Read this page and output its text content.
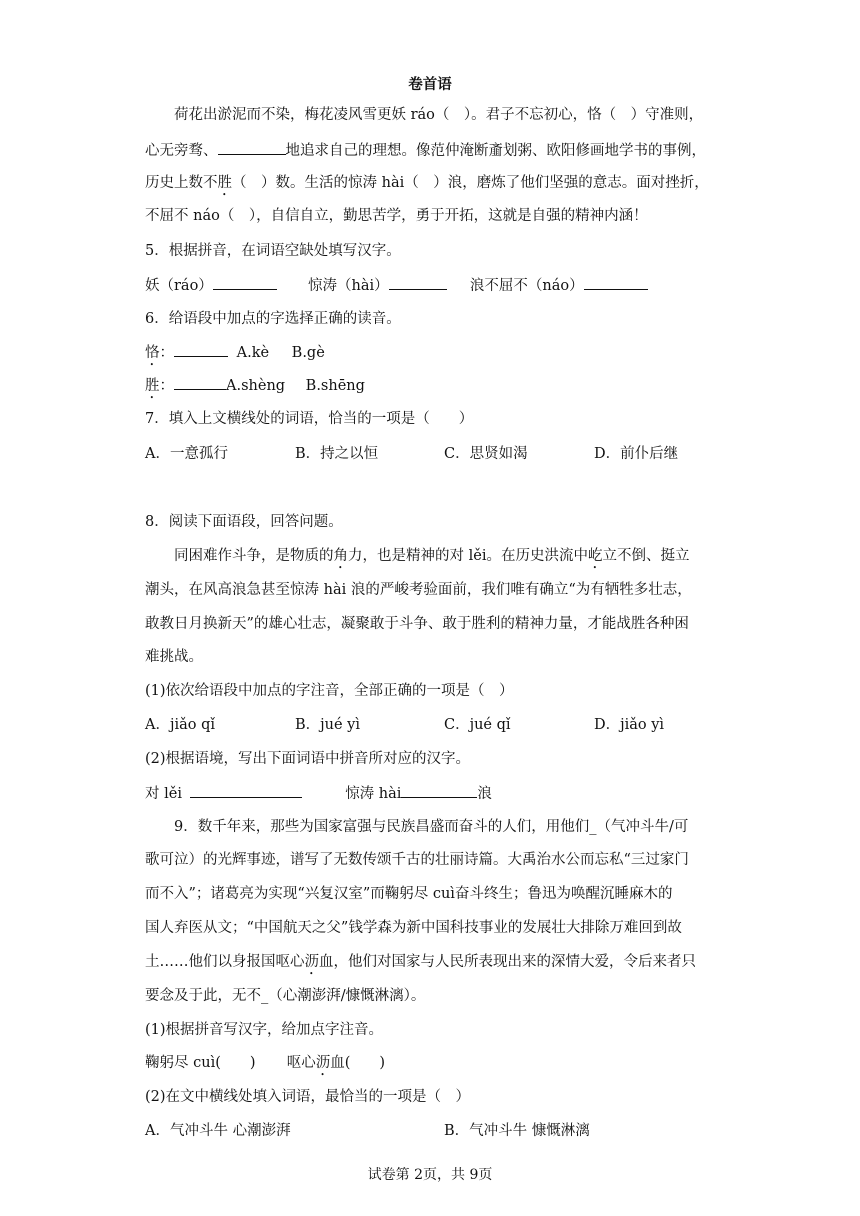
卷首语
荷花出淤泥而不染，梅花凌风雪更妖 ráo（　）。君子不忘初心，恪（　）守准则，
心无旁骛、	地追求自己的理想。像范仲淹断齑划粥、欧阳修画地学书的事例，
历史上数不胜（　）数。生活的惊涛 hài（　）浪，磨炼了他们坚强的意志。面对挫折，
不屈不 náo（　），自信自立，勤思苦学，勇于开拓，这就是自强的精神内涵！
5．根据拼音，在词语空缺处填写汉字。
妖（ráo）	惊涛（hài）	浪不屈不（náo）
6．给语段中加点的字选择正确的读音。
恪：	A.kè B.gè
胜：	A.shèng B.shēng
7．填入上文横线处的词语，恰当的一项是（　　）
A．一意孤行	B．持之以恒	C．思贤如渴	D．前仆后继
8．阅读下面语段，回答问题。
同困难作斗争，是物质的角力，也是精神的对 lěi。在历史洪流中屹立不倒、挺立
潮头，在风高浪急甚至惊涛 hài 浪的严峻考验面前，我们唯有确立“为有牺牲多壮志，
敢教日月换新天”的雄心壮志，凝聚敢于斗争、敢于胜利的精神力量，才能战胜各种困
难挑战。
(1)依次给语段中加点的字注音，全部正确的一项是（　）
A．jiǎo qǐ	B．jué yì	C．jué qǐ	D．jiǎo yì
(2)根据语境，写出下面词语中拼音所对应的汉字。
对 lěi	惊涛 hài	浪
9．数千年来，那些为国家富强与民族昌盛而奋斗的人们，用他们_（气冲斗牛/可
歌可泣）的光辉事迹，谱写了无数传颂千古的壮丽诗篇。大禹治水公而忘私“三过家门
而不入”；诸葛亮为实现“兴复汉室”而鞠躬尽 cuì奋斗终生；鲁迅为唤醒沉睡麻木的
国人弃医从文；“中国航天之父”钱学森为新中国科技事业的发展壮大排除万难回到故
土……他们以身报国呕心沥血，他们对国家与人民所表现出来的深情大爱，令后来者只
要念及于此，无不_（心潮澎湃/慷慨淋漓）。
(1)根据拼音写汉字，给加点字注音。
鞠躬尽 cuì(　　) 呕心沥血(　　)
(2)在文中横线处填入词语，最恰当的一项是（　）
A．气冲斗牛 心潮澎湃	B．气冲斗牛 慷慨淋漓
试卷第 2页，共 9页
